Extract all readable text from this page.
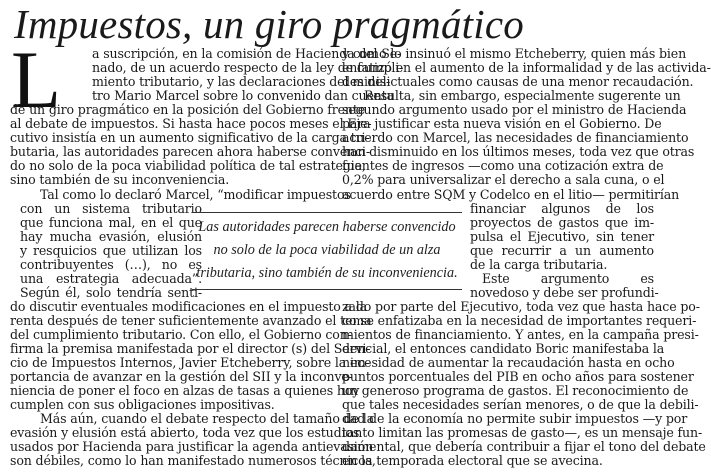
Impuestos, un giro pragmático
L a suscripción, en la comisión de Hacienda del Se-
nado, de un acuerdo respecto de la ley de cumpli-
miento tributario, y las declaraciones del minis-
tro Mario Marcel sobre lo convenido dan cuenta
de un giro pragmático en la posición del Gobierno frente
al debate de impuestos. Si hasta hace pocos meses el Eje-
cutivo insistía en un aumento significativo de la carga tri-
butaria, las autoridades parecen ahora haberse convenci-
do no solo de la poca viabilidad política de tal estrategia,
sino también de su inconveniencia.
Tal como lo declaró Marcel, “modificar impuestos
con un sistema tributario
que funciona mal, en el que
hay mucha evasión, elusión
y resquicios que utilizan los
contribuyentes (…), no es
una estrategia adecuada”.
Según él, solo tendría senti-
do discutir eventuales modificaciones en el impuesto a la
renta después de tener suficientemente avanzado el tema
del cumplimiento tributario. Con ello, el Gobierno con-
firma la premisa manifestada por el director (s) del Servi-
cio de Impuestos Internos, Javier Etcheberry, sobre la im-
portancia de avanzar en la gestión del SII y la inconve-
niencia de poner el foco en alzas de tasas a quienes hoy
cumplen con sus obligaciones impositivas.
Más aún, cuando el debate respecto del tamaño de la
evasión y elusión está abierto, toda vez que los estudios
usados por Hacienda para justificar la agenda antievasión
son débiles, como lo han manifestado numerosos técnicos,
y como lo insinuó el mismo Etcheberry, quien más bien
enfatizó en el aumento de la informalidad y de las activida-
des delictuales como causas de una menor recaudación.
Resulta, sin embargo, especialmente sugerente un
segundo argumento usado por el ministro de Hacienda
para justificar esta nueva visión en el Gobierno. De
acuerdo con Marcel, las necesidades de financiamiento
han disminuido en los últimos meses, toda vez que otras
fuentes de ingresos —como una cotización extra de
0,2% para universalizar el derecho a sala cuna, o el
acuerdo entre SQM y Codelco en el litio— permitirían
financiar algunos de los
proyectos de gastos que im-
pulsa el Ejecutivo, sin tener
que recurrir a un aumento
de la carga tributaria.
Este argumento es
novedoso y debe ser profundi-
zado por parte del Ejecutivo, toda vez que hasta hace po-
co se enfatizaba en la necesidad de importantes requeri-
mientos de financiamiento. Y antes, en la campaña presi-
dencial, el entonces candidato Boric manifestaba la
necesidad de aumentar la recaudación hasta en ocho
puntos porcentuales del PIB en ocho años para sostener
un generoso programa de gastos. El reconocimiento de
que tales necesidades serían menores, o de que la debili-
dad de la economía no permite subir impuestos —y por
tanto limitan las promesas de gasto—, es un mensaje fun-
damental, que debería contribuir a fijar el tono del debate
en la temporada electoral que se avecina.
Las autoridades parecen haberse convencido
no solo de la poca viabilidad de un alza
tributaria, sino también de su inconveniencia.
